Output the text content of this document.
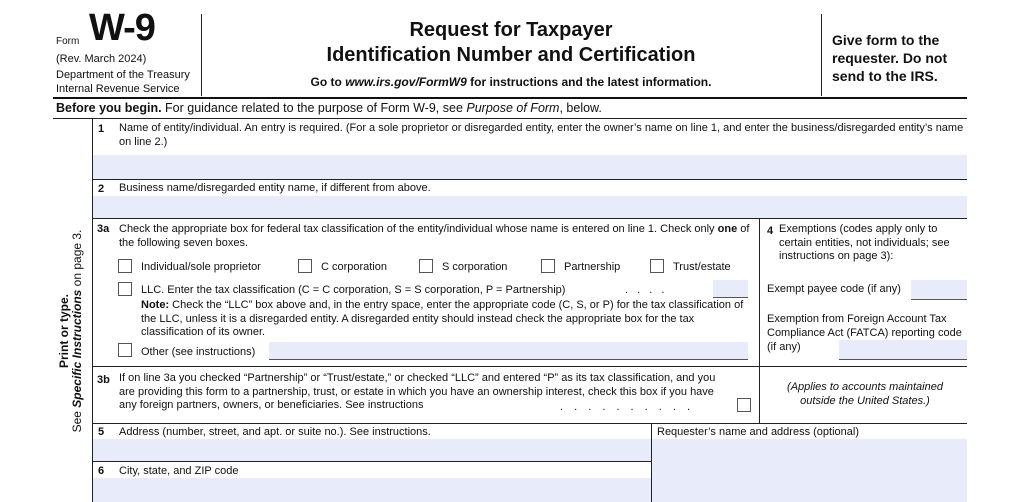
Form W-9
(Rev. March 2024)
Department of the Treasury
Internal Revenue Service
Request for Taxpayer
Identification Number and Certification
Go to www.irs.gov/FormW9 for instructions and the latest information.
Give form to the requester. Do not send to the IRS.
Before you begin. For guidance related to the purpose of Form W-9, see Purpose of Form, below.
Print or type.
See Specific Instructions on page 3.
1 Name of entity/individual. An entry is required. (For a sole proprietor or disregarded entity, enter the owner’s name on line 1, and enter the business/disregarded entity’s name on line 2.)
2 Business name/disregarded entity name, if different from above.
3a Check the appropriate box for federal tax classification of the entity/individual whose name is entered on line 1. Check only one of the following seven boxes.
Individual/sole proprietor	C corporation	S corporation	Partnership	Trust/estate
LLC. Enter the tax classification (C = C corporation, S = S corporation, P = Partnership)	. . . .
Note: Check the “LLC” box above and, in the entry space, enter the appropriate code (C, S, or P) for the tax classification of the LLC, unless it is a disregarded entity. A disregarded entity should instead check the appropriate box for the tax classification of its owner.
Other (see instructions)
4 Exemptions (codes apply only to certain entities, not individuals; see instructions on page 3):
Exempt payee code (if any)
Exemption from Foreign Account Tax Compliance Act (FATCA) reporting code (if any)
(Applies to accounts maintained outside the United States.)
3b If on line 3a you checked “Partnership” or “Trust/estate,” or checked “LLC” and entered “P” as its tax classification, and you are providing this form to a partnership, trust, or estate in which you have an ownership interest, check this box if you have any foreign partners, owners, or beneficiaries. See instructions	. . . . . . . . . .
5 Address (number, street, and apt. or suite no.). See instructions.	Requester’s name and address (optional)
6 City, state, and ZIP code
